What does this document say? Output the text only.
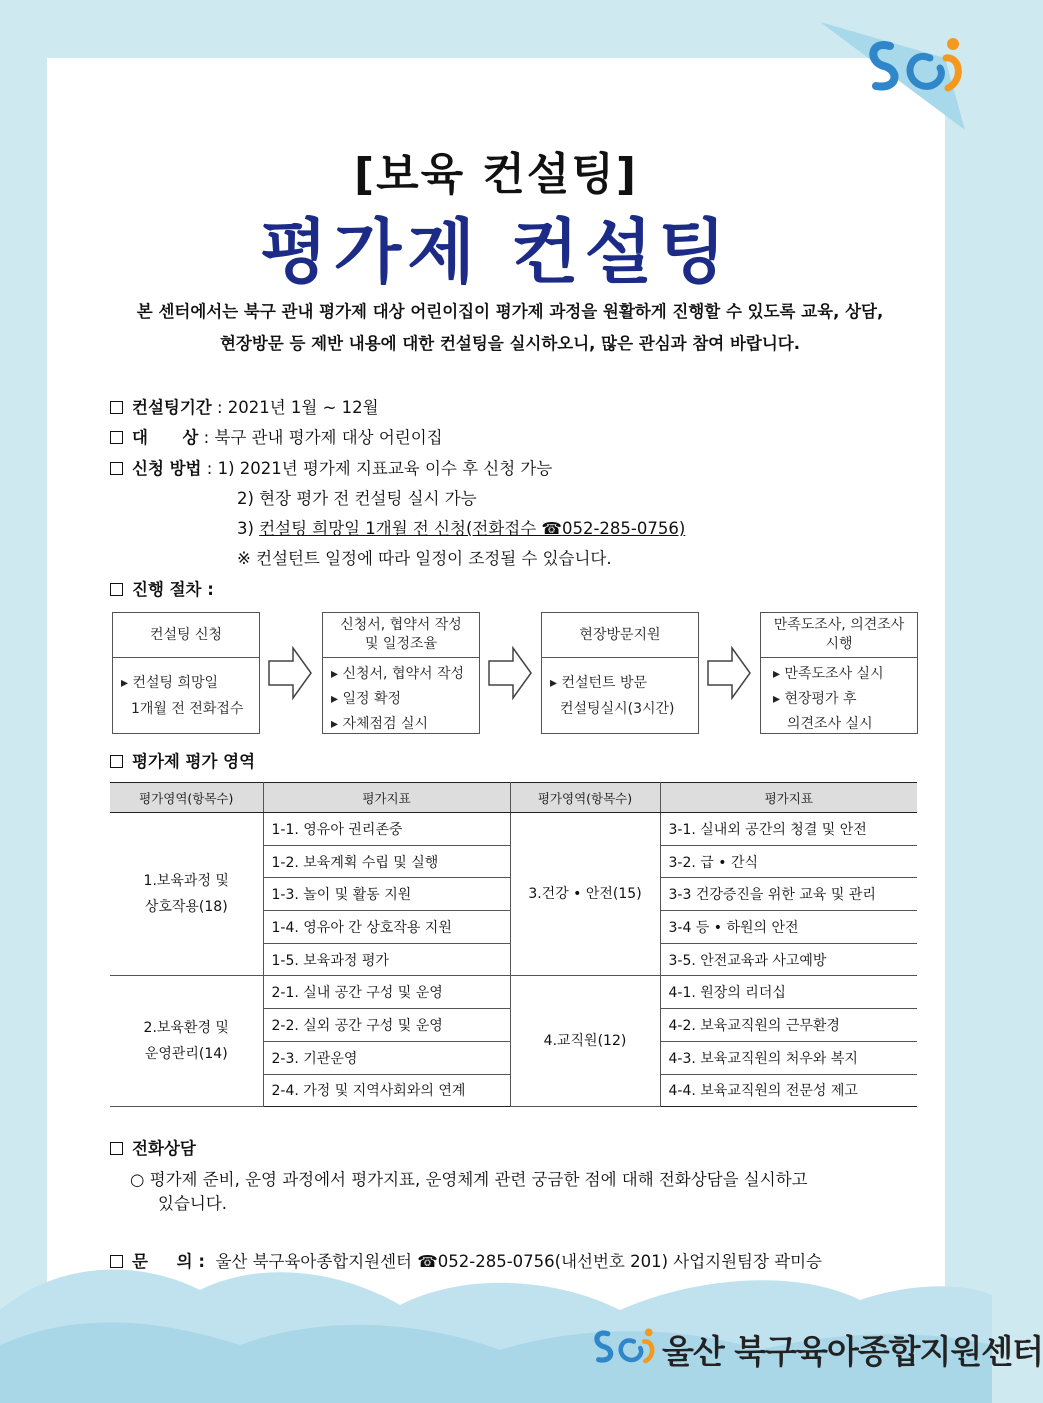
[보육 컨설팅]
평가제 컨설팅
본 센터에서는 북구 관내 평가제 대상 어린이집이 평가제 과정을 원활하게 진행할 수 있도록 교육, 상담,
현장방문 등 제반 내용에 대한 컨설팅을 실시하오니, 많은 관심과 참여 바랍니다.
컨설팅기간 : 2021년 1월 ~ 12월
대      상 : 북구 관내 평가제 대상 어린이집
신청 방법 : 1) 2021년 평가제 지표교육 이수 후 신청 가능
2) 현장 평가 전 컨설팅 실시 가능
3) 컨설팅 희망일 1개월 전 신청(전화접수 ☎052-285-0756)
※ 컨설턴트 일정에 따라 일정이 조정될 수 있습니다.
진행 절차 :
컨설팅 신청
▸ 컨설팅 희망일
1개월 전 전화접수
신청서, 협약서 작성 및 일정조율
▸ 신청서, 협약서 작성
▸ 일정 확정
▸ 자체점검 실시
현장방문지원
▸ 컨설턴트 방문
컨설팅실시(3시간)
만족도조사, 의견조사 시행
▸ 만족도조사 실시
▸ 현장평가 후
의견조사 실시
평가제 평가 영역
평가영역(항목수)	평가지표	평가영역(항목수)	평가지표

1.보육과정 및 상호작용(18)	1-1. 영유아 권리존중	3.건강 • 안전(15)	3-1. 실내외 공간의 청결 및 안전
	1-2. 보육계획 수립 및 실행		3-2. 급 • 간식
	1-3. 놀이 및 활동 지원		3-3 건강증진을 위한 교육 및 관리
	1-4. 영유아 간 상호작용 지원		3-4 등 • 하원의 안전
	1-5. 보육과정 평가		3-5. 안전교육과 사고예방

2.보육환경 및 운영관리(14)	2-1. 실내 공간 구성 및 운영	4.교직원(12)	4-1. 원장의 리더십
	2-2. 실외 공간 구성 및 운영		4-2. 보육교직원의 근무환경
	2-3. 기관운영		4-3. 보육교직원의 처우와 복지
	2-4. 가정 및 지역사회와의 연계		4-4. 보육교직원의 전문성 제고
전화상담
○ 평가제 준비, 운영 과정에서 평가지표, 운영체계 관련 궁금한 점에 대해 전화상담을 실시하고
있습니다.
문     의 : 울산 북구육아종합지원센터 ☎052-285-0756(내선번호 201) 사업지원팀장 곽미승
울산 북구육아종합지원센터
